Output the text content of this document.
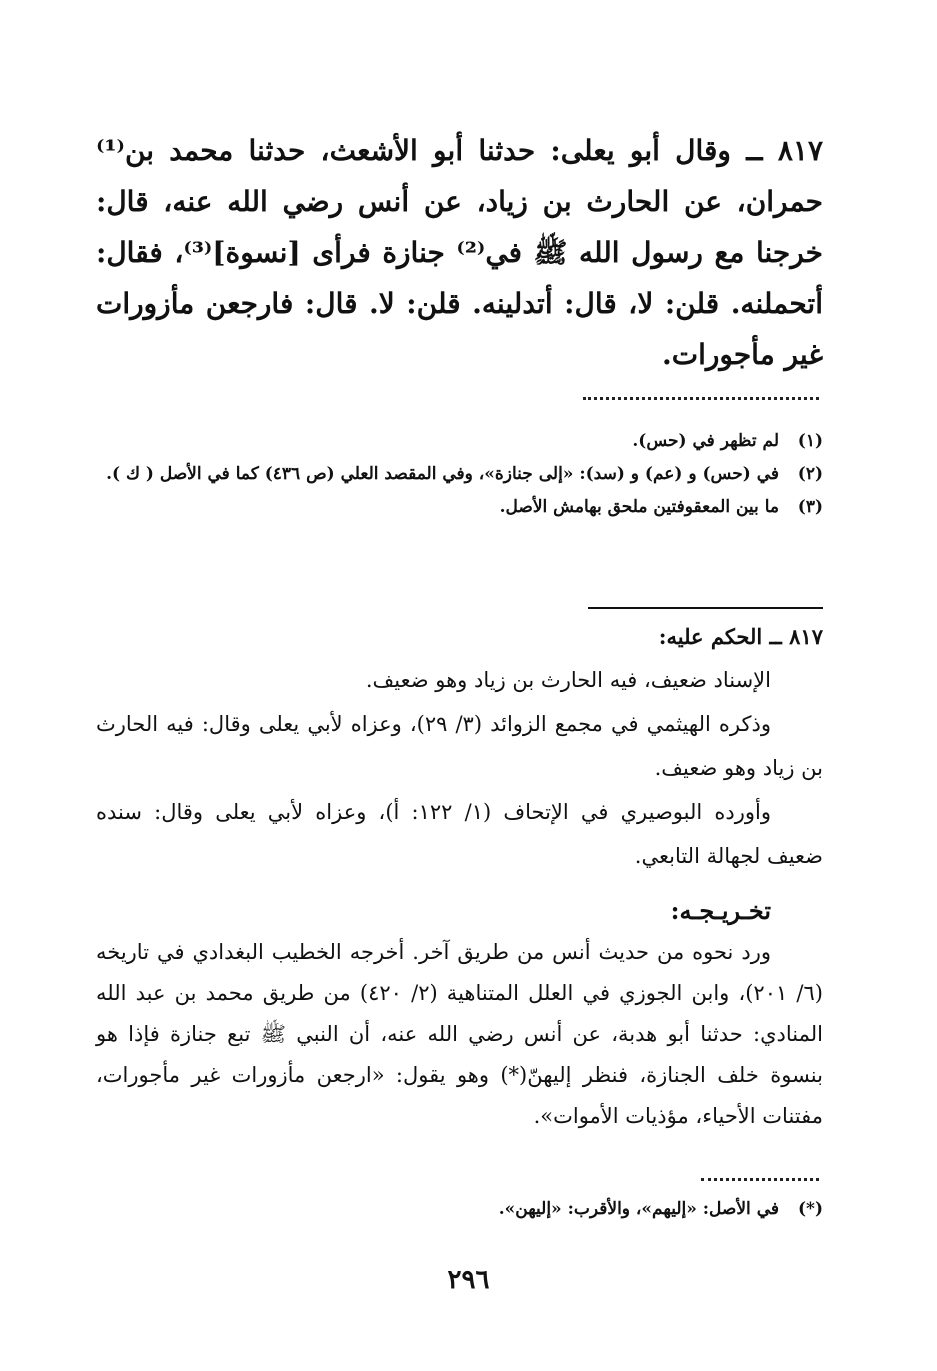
٨١٧ ــ وقال أبو يعلى: حدثنا أبو الأشعث، حدثنا محمد بن⁽¹⁾ حمران، عن الحارث بن زياد، عن أنس رضي الله عنه، قال: خرجنا مع رسول الله ﷺ في⁽²⁾ جنازة فرأى [نسوة]⁽³⁾، فقال: أتحملنه. قلن: لا، قال: أتدلينه. قلن: لا. قال: فارجعن مأزورات غير مأجورات.

(١)
لم تظهر في (حس).
(٢)
في (حس) و (عم) و (سد): «إلى جنازة»، وفي المقصد العلي (ص ٤٣٦) كما في الأصل ( ك ).
(٣)
ما بين المعقوفتين ملحق بهامش الأصل.

٨١٧ ــ الحكم عليه:

الإسناد ضعيف، فيه الحارث بن زياد وهو ضعيف.

وذكره الهيثمي في مجمع الزوائد (٣/ ٢٩)، وعزاه لأبي يعلى وقال: فيه الحارث بن زياد وهو ضعيف.

وأورده البوصيري في الإتحاف (١/ ١٢٢: أ)، وعزاه لأبي يعلى وقال: سنده ضعيف لجهالة التابعي.

تخـريـجـه:

ورد نحوه من حديث أنس من طريق آخر. أخرجه الخطيب البغدادي في تاريخه (٦/ ٢٠١)، وابن الجوزي في العلل المتناهية (٢/ ٤٢٠) من طريق محمد بن عبد الله المنادي: حدثنا أبو هدبة، عن أنس رضي الله عنه، أن النبي ﷺ تبع جنازة فإذا هو بنسوة خلف الجنازة، فنظر إليهنّ(*) وهو يقول: «ارجعن مأزورات غير مأجورات، مفتنات الأحياء، مؤذيات الأموات».

(*)
في الأصل: «إليهم»، والأقرب: «إليهن».
٢٩٦
